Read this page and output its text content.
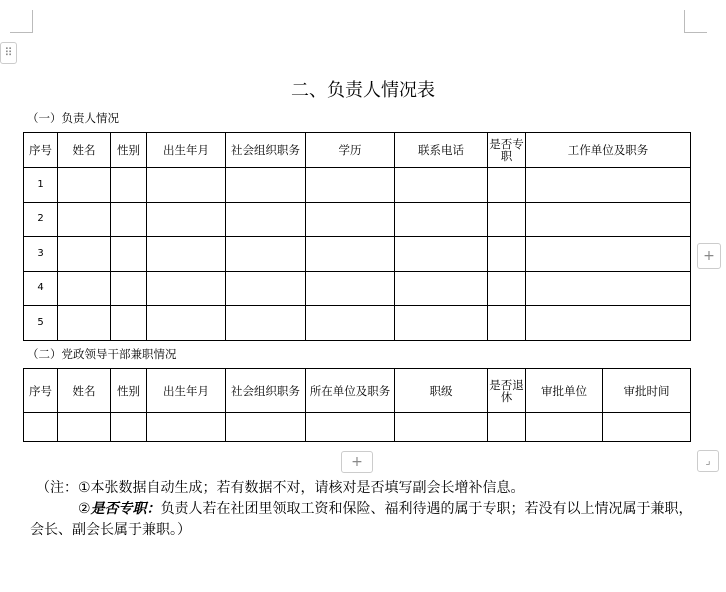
⠿
二、负责人情况表
（一）负责人情况
序号	姓名	性别	出生年月	社会组织职务	学历	联系电话	是否专职	工作单位及职务
1								
2								
3								
4								
5								
+
（二）党政领导干部兼职情况
序号	姓名	性别	出生年月	社会组织职务	所在单位及职务	职级	是否退休	审批单位	审批时间

+	⌟
（注：①本张数据自动生成；若有数据不对，请核对是否填写副会长增补信息。
②是否专职：负责人若在社团里领取工资和保险、福利待遇的属于专职；若没有以上情况属于兼职，会长、副会长属于兼职。）
